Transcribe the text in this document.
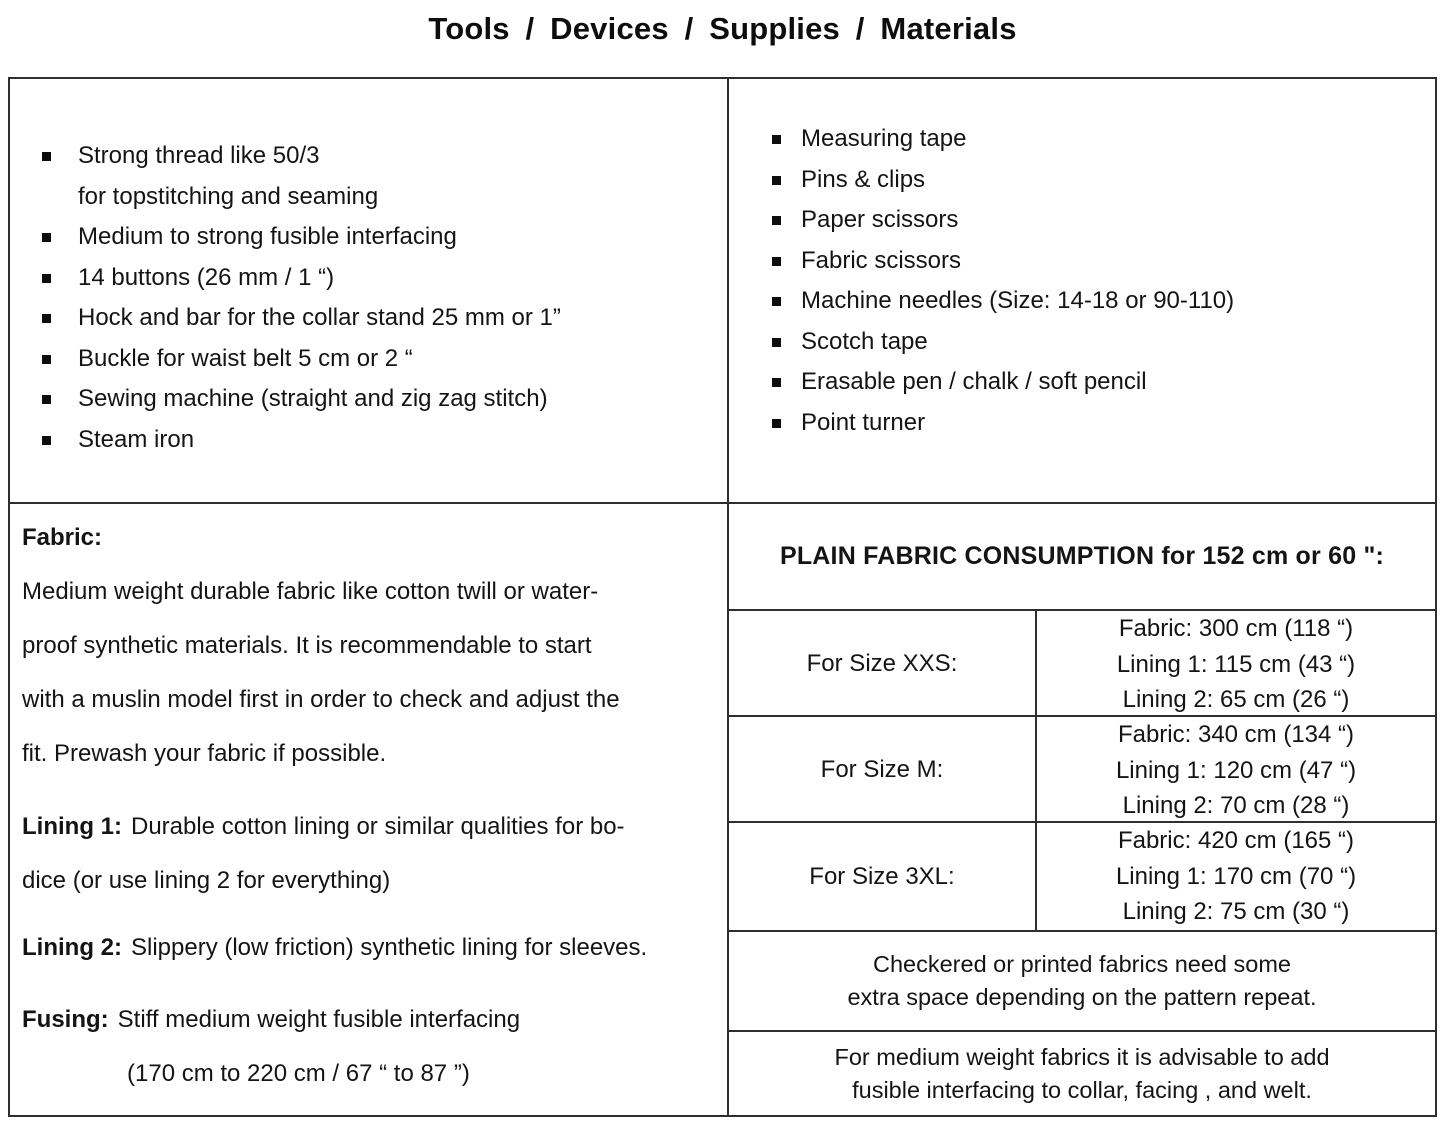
Tools / Devices / Supplies / Materials
Strong thread like 50/3
for topstitching and seaming
Medium to strong fusible interfacing
14 buttons (26 mm / 1 “)
Hock and bar for the collar stand 25 mm or 1”
Buckle for waist belt 5 cm or 2 “
Sewing machine (straight and zig zag stitch)
Steam iron
Measuring tape
Pins & clips
Paper scissors
Fabric scissors
Machine needles (Size: 14-18 or 90-110)
Scotch tape
Erasable pen / chalk / soft pencil
Point turner
Fabric:
Medium weight durable fabric like cotton twill or water-
proof synthetic materials. It is recommendable to start
with a muslin model first in order to check and adjust the
fit. Prewash your fabric if possible.
Lining 1: Durable cotton lining or similar qualities for bo-
dice (or use lining 2 for everything)
Lining 2: Slippery (low friction) synthetic lining for sleeves.
Fusing: Stiff medium weight fusible interfacing
(170 cm to 220 cm / 67 “ to 87 ”)
PLAIN FABRIC CONSUMPTION for 152 cm or 60 ":
For Size XXS:
Fabric: 300 cm (118 “)
Lining 1: 115 cm (43 “)
Lining 2: 65 cm (26 “)
For Size M:
Fabric: 340 cm (134 “)
Lining 1: 120 cm (47 “)
Lining 2: 70 cm (28 “)
For Size 3XL:
Fabric: 420 cm (165 “)
Lining 1: 170 cm (70 “)
Lining 2: 75 cm (30 “)
Checkered or printed fabrics need some
extra space depending on the pattern repeat.
For medium weight fabrics it is advisable to add
fusible interfacing to collar, facing , and welt.
